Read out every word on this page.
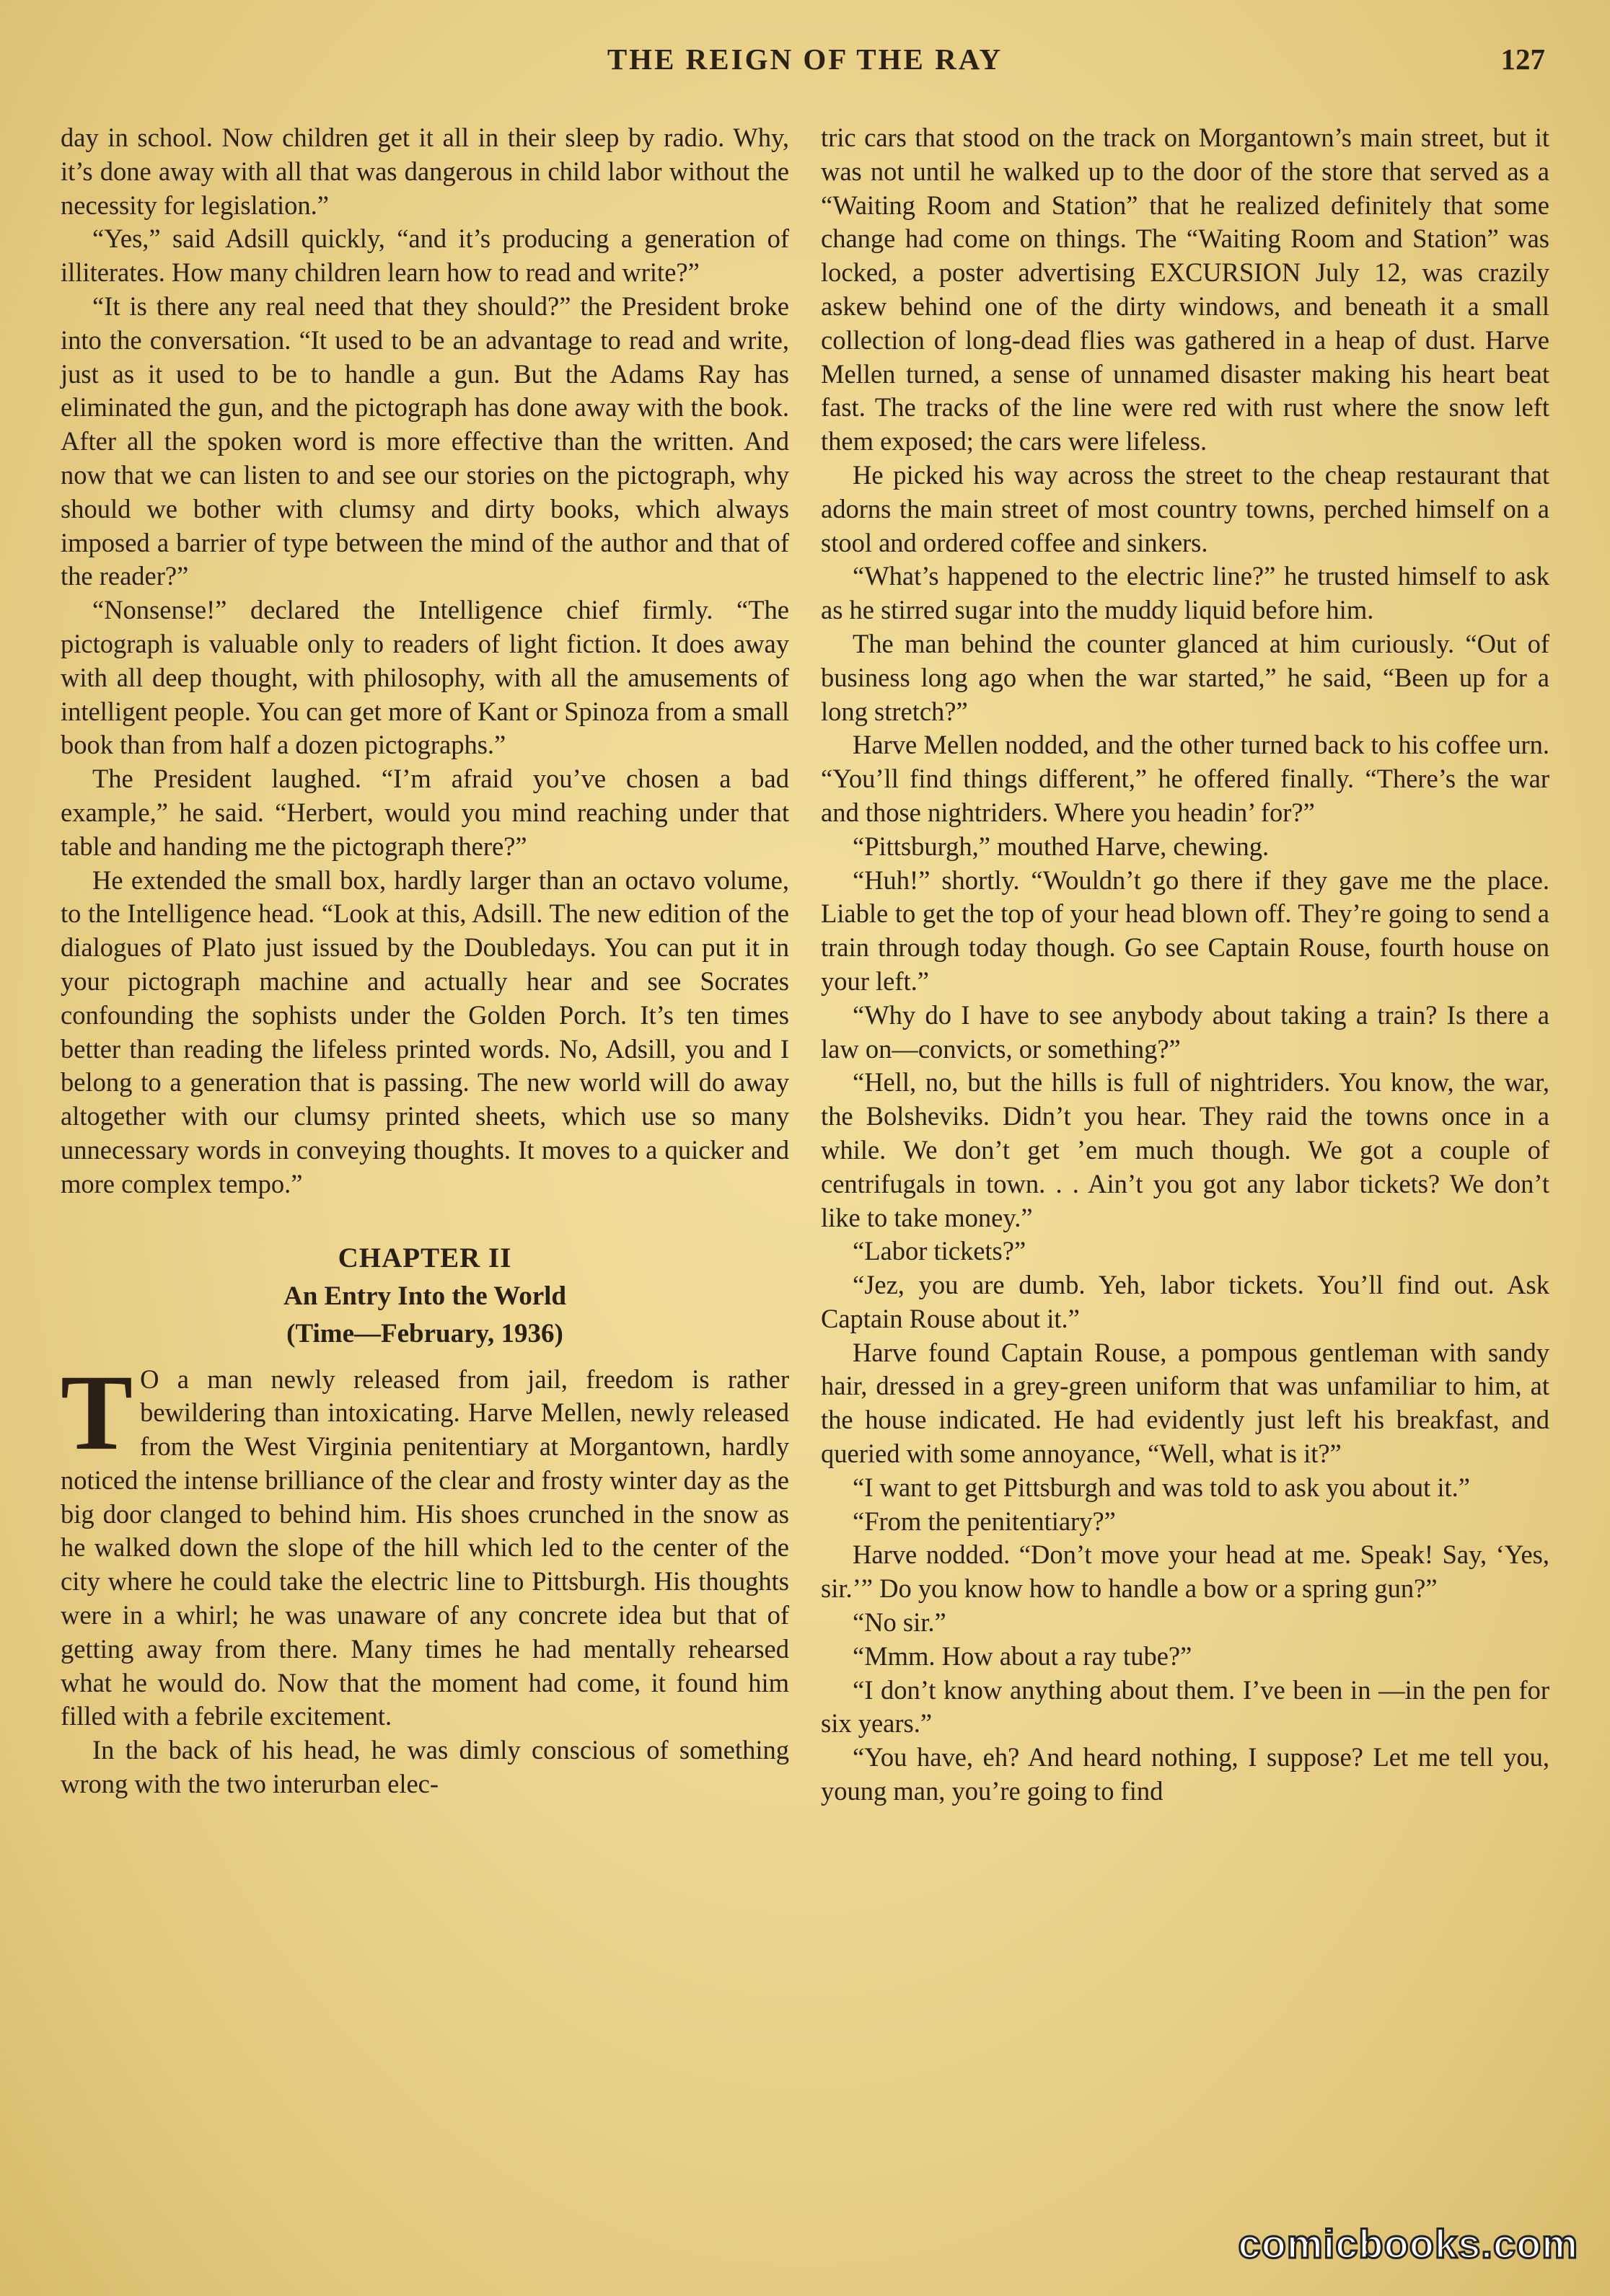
THE REIGN OF THE RAY	127

day in school. Now children get it all in their sleep by radio. Why, it’s done away with all that was dangerous in child labor without the necessity for legislation.”

“Yes,” said Adsill quickly, “and it’s producing a generation of illiterates. How many children learn how to read and write?”

“It is there any real need that they should?” the President broke into the conversation. “It used to be an advantage to read and write, just as it used to be to handle a gun. But the Adams Ray has eliminated the gun, and the pictograph has done away with the book. After all the spoken word is more effective than the written. And now that we can listen to and see our stories on the pictograph, why should we bother with clumsy and dirty books, which always imposed a barrier of type between the mind of the author and that of the reader?”

“Nonsense!” declared the Intelligence chief firmly. “The pictograph is valuable only to readers of light fiction. It does away with all deep thought, with philosophy, with all the amusements of intelligent people. You can get more of Kant or Spinoza from a small book than from half a dozen pictographs.”

The President laughed. “I’m afraid you’ve chosen a bad example,” he said. “Herbert, would you mind reaching under that table and handing me the pictograph there?”

He extended the small box, hardly larger than an octavo volume, to the Intelligence head. “Look at this, Adsill. The new edition of the dialogues of Plato just issued by the Doubledays. You can put it in your pictograph machine and actually hear and see Socrates confounding the sophists under the Golden Porch. It’s ten times better than reading the lifeless printed words. No, Adsill, you and I belong to a generation that is passing. The new world will do away altogether with our clumsy printed sheets, which use so many unnecessary words in conveying thoughts. It moves to a quicker and more complex tempo.”

CHAPTER II
An Entry Into the World
(Time—February, 1936)

T O a man newly released from jail, freedom is rather bewildering than intoxicating. Harve Mellen, newly released from the West Virginia penitentiary at Morgantown, hardly noticed the intense brilliance of the clear and frosty winter day as the big door clanged to behind him. His shoes crunched in the snow as he walked down the slope of the hill which led to the center of the city where he could take the electric line to Pittsburgh. His thoughts were in a whirl; he was unaware of any concrete idea but that of getting away from there. Many times he had mentally rehearsed what he would do. Now that the moment had come, it found him filled with a febrile excitement.

In the back of his head, he was dimly conscious of something wrong with the two interurban elec-

tric cars that stood on the track on Morgantown’s main street, but it was not until he walked up to the door of the store that served as a “Waiting Room and Station” that he realized definitely that some change had come on things. The “Waiting Room and Station” was locked, a poster advertising EXCURSION July 12, was crazily askew behind one of the dirty windows, and beneath it a small collection of long-dead flies was gathered in a heap of dust. Harve Mellen turned, a sense of unnamed disaster making his heart beat fast. The tracks of the line were red with rust where the snow left them exposed; the cars were lifeless.

He picked his way across the street to the cheap restaurant that adorns the main street of most country towns, perched himself on a stool and ordered coffee and sinkers.

“What’s happened to the electric line?” he trusted himself to ask as he stirred sugar into the muddy liquid before him.

The man behind the counter glanced at him curiously. “Out of business long ago when the war started,” he said, “Been up for a long stretch?”

Harve Mellen nodded, and the other turned back to his coffee urn. “You’ll find things different,” he offered finally. “There’s the war and those nightriders. Where you headin’ for?”

“Pittsburgh,” mouthed Harve, chewing.

“Huh!” shortly. “Wouldn’t go there if they gave me the place. Liable to get the top of your head blown off. They’re going to send a train through today though. Go see Captain Rouse, fourth house on your left.”

“Why do I have to see anybody about taking a train? Is there a law on—convicts, or something?”

“Hell, no, but the hills is full of nightriders. You know, the war, the Bolsheviks. Didn’t you hear. They raid the towns once in a while. We don’t get ’em much though. We got a couple of centrifugals in town. . . Ain’t you got any labor tickets? We don’t like to take money.”

“Labor tickets?”

“Jez, you are dumb. Yeh, labor tickets. You’ll find out. Ask Captain Rouse about it.”

Harve found Captain Rouse, a pompous gentleman with sandy hair, dressed in a grey-green uniform that was unfamiliar to him, at the house indicated. He had evidently just left his breakfast, and queried with some annoyance, “Well, what is it?”

“I want to get Pittsburgh and was told to ask you about it.”

“From the penitentiary?”

Harve nodded. “Don’t move your head at me. Speak! Say, ‘Yes, sir.’” Do you know how to handle a bow or a spring gun?”

“No sir.”

“Mmm. How about a ray tube?”

“I don’t know anything about them. I’ve been in —in the pen for six years.”

“You have, eh? And heard nothing, I suppose? Let me tell you, young man, you’re going to find

comicbooks.com
